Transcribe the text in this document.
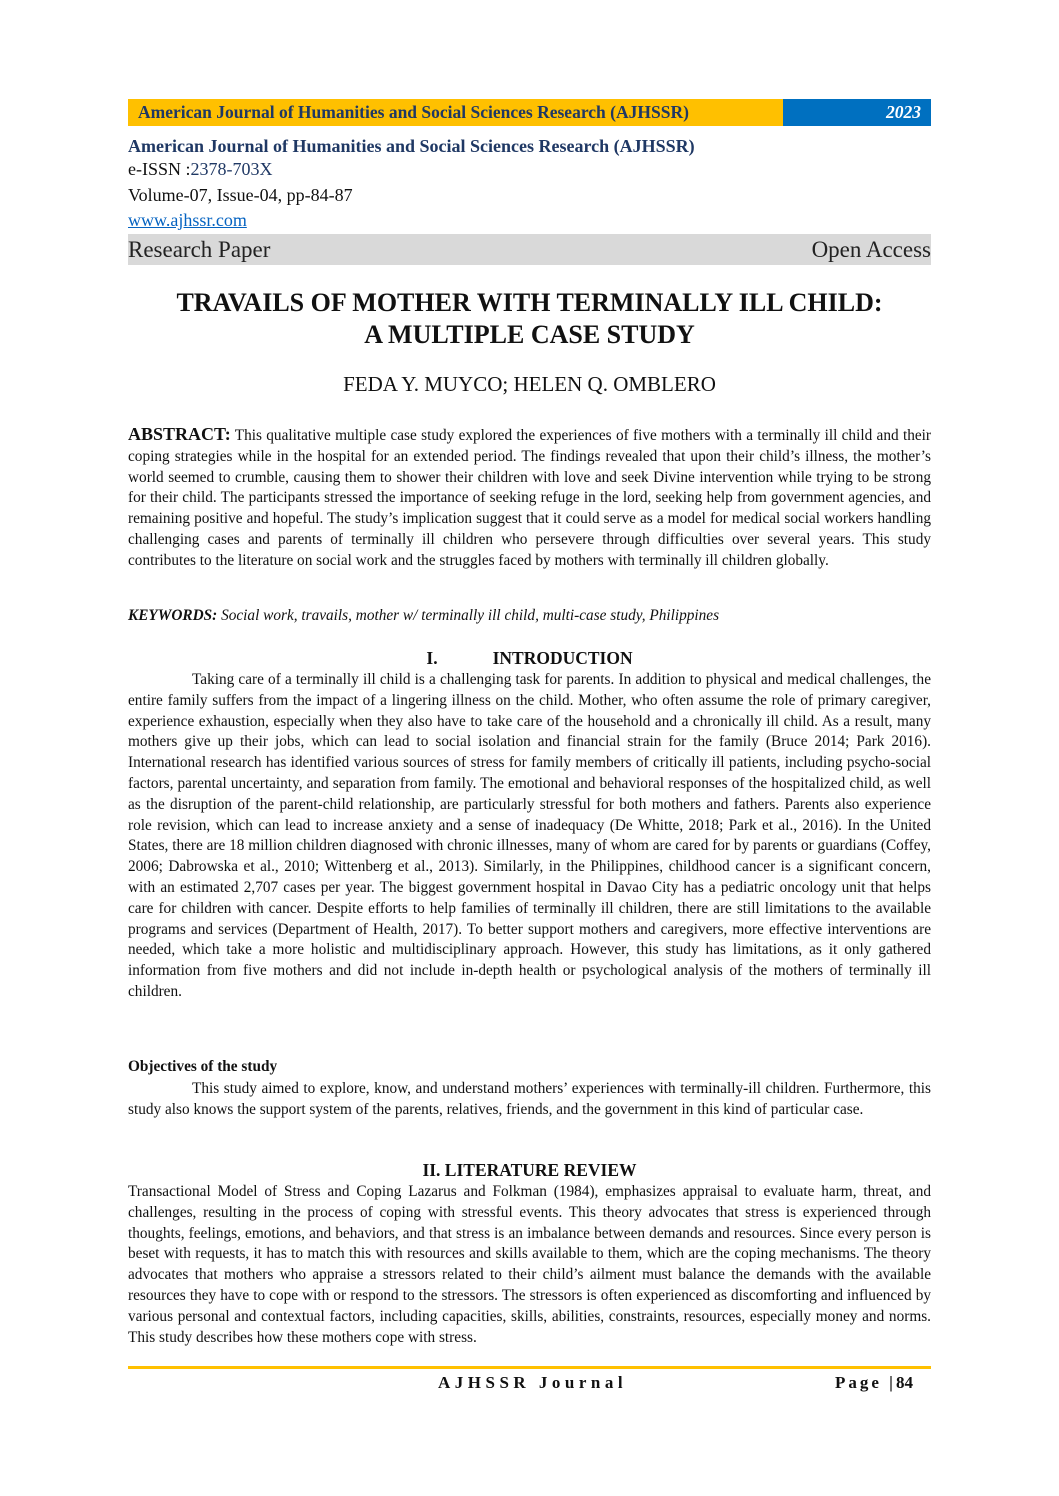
American Journal of Humanities and Social Sciences Research (AJHSSR)	2023
American Journal of Humanities and Social Sciences Research (AJHSSR)
e-ISSN :2378-703X
Volume-07, Issue-04, pp-84-87
www.ajhssr.com
Research Paper	Open Access
TRAVAILS OF MOTHER WITH TERMINALLY ILL CHILD:
A MULTIPLE CASE STUDY
FEDA Y. MUYCO; HELEN Q. OMBLERO
ABSTRACT: This qualitative multiple case study explored the experiences of five mothers with a terminally ill child and their coping strategies while in the hospital for an extended period. The findings revealed that upon their child’s illness, the mother’s world seemed to crumble, causing them to shower their children with love and seek Divine intervention while trying to be strong for their child. The participants stressed the importance of seeking refuge in the lord, seeking help from government agencies, and remaining positive and hopeful. The study’s implication suggest that it could serve as a model for medical social workers handling challenging cases and parents of terminally ill children who persevere through difficulties over several years. This study contributes to the literature on social work and the struggles faced by mothers with terminally ill children globally.
KEYWORDS: Social work, travails, mother w/ terminally ill child, multi-case study, Philippines
I.	INTRODUCTION
Taking care of a terminally ill child is a challenging task for parents. In addition to physical and medical challenges, the entire family suffers from the impact of a lingering illness on the child. Mother, who often assume the role of primary caregiver, experience exhaustion, especially when they also have to take care of the household and a chronically ill child. As a result, many mothers give up their jobs, which can lead to social isolation and financial strain for the family (Bruce 2014; Park 2016). International research has identified various sources of stress for family members of critically ill patients, including psycho-social factors, parental uncertainty, and separation from family. The emotional and behavioral responses of the hospitalized child, as well as the disruption of the parent-child relationship, are particularly stressful for both mothers and fathers. Parents also experience role revision, which can lead to increase anxiety and a sense of inadequacy (De Whitte, 2018; Park et al., 2016). In the United States, there are 18 million children diagnosed with chronic illnesses, many of whom are cared for by parents or guardians (Coffey, 2006; Dabrowska et al., 2010; Wittenberg et al., 2013). Similarly, in the Philippines, childhood cancer is a significant concern, with an estimated 2,707 cases per year. The biggest government hospital in Davao City has a pediatric oncology unit that helps care for children with cancer. Despite efforts to help families of terminally ill children, there are still limitations to the available programs and services (Department of Health, 2017). To better support mothers and caregivers, more effective interventions are needed, which take a more holistic and multidisciplinary approach. However, this study has limitations, as it only gathered information from five mothers and did not include in-depth health or psychological analysis of the mothers of terminally ill children.
Objectives of the study
This study aimed to explore, know, and understand mothers’ experiences with terminally-ill children. Furthermore, this study also knows the support system of the parents, relatives, friends, and the government in this kind of particular case.
II. LITERATURE REVIEW
Transactional Model of Stress and Coping Lazarus and Folkman (1984), emphasizes appraisal to evaluate harm, threat, and challenges, resulting in the process of coping with stressful events. This theory advocates that stress is experienced through thoughts, feelings, emotions, and behaviors, and that stress is an imbalance between demands and resources. Since every person is beset with requests, it has to match this with resources and skills available to them, which are the coping mechanisms. The theory advocates that mothers who appraise a stressors related to their child’s ailment must balance the demands with the available resources they have to cope with or respond to the stressors. The stressors is often experienced as discomforting and influenced by various personal and contextual factors, including capacities, skills, abilities, constraints, resources, especially money and norms. This study describes how these mothers cope with stress.
AJHSSR Journal	Page |84
